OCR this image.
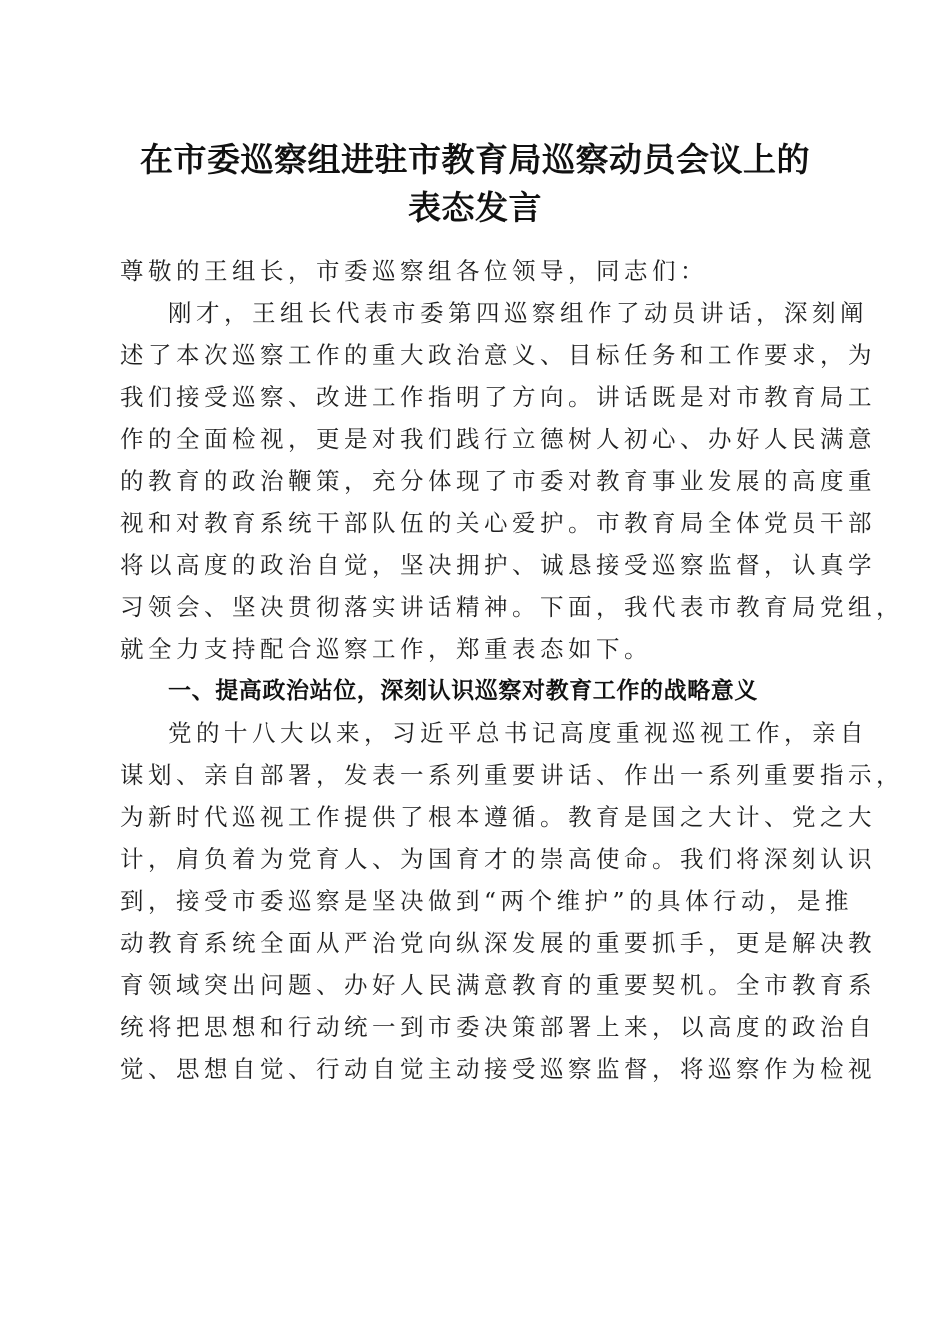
在市委巡察组进驻市教育局巡察动员会议上的
表态发言
尊敬的王组长，市委巡察组各位领导，同志们：
刚才，王组长代表市委第四巡察组作了动员讲话，深刻阐
述了本次巡察工作的重大政治意义、目标任务和工作要求，为
我们接受巡察、改进工作指明了方向。讲话既是对市教育局工
作的全面检视，更是对我们践行立德树人初心、办好人民满意
的教育的政治鞭策，充分体现了市委对教育事业发展的高度重
视和对教育系统干部队伍的关心爱护。市教育局全体党员干部
将以高度的政治自觉，坚决拥护、诚恳接受巡察监督，认真学
习领会、坚决贯彻落实讲话精神。下面，我代表市教育局党组，
就全力支持配合巡察工作，郑重表态如下。
一、提高政治站位，深刻认识巡察对教育工作的战略意义
党的十八大以来，习近平总书记高度重视巡视工作，亲自
谋划、亲自部署，发表一系列重要讲话、作出一系列重要指示，
为新时代巡视工作提供了根本遵循。教育是国之大计、党之大
计，肩负着为党育人、为国育才的崇高使命。我们将深刻认识
到，接受市委巡察是坚决做到“两个维护”的具体行动，是推
动教育系统全面从严治党向纵深发展的重要抓手，更是解决教
育领域突出问题、办好人民满意教育的重要契机。全市教育系
统将把思想和行动统一到市委决策部署上来，以高度的政治自
觉、思想自觉、行动自觉主动接受巡察监督，将巡察作为检视
